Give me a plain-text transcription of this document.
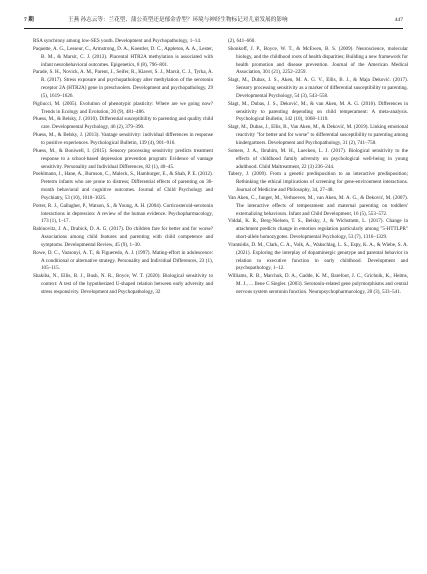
7 期	王燕 孙志云等：兰花型、蒲公英型还是郁金香型？环境与神经生物标记对儿童发展的影响	447

RSA synchrony among low-SES youth. Development and Psychopathology, 1–14.

Paquette, A. G., Lesseur, C., Armstrong, D. A., Koestler, D. C., Appleton, A. A., Lester, B. M., & Marsit, C. J. (2013). Placental HTR2A methylation is associated with infant neurobehavioral outcomes. Epigenetics, 8 (8), 796–801.

Parade, S. H., Novick, A. M., Parent, J., Seifer, R., Klaver, S. J., Marsit, C. J., Tyrka, A. R. (2017). Stress exposure and psychopathology alter methylation of the serotonin receptor 2A (HTR2A) gene in preschoolers. Development and psychopathology, 29 (5), 1619–1626.

Pigliucci, M. (2005). Evolution of phenotypic plasticity: Where are we going now? Trends in Ecology and Evolution, 20 (9), 481–486.

Pluess, M., & Belsky, J. (2010). Differential susceptibility to parenting and quality child care. Developmental Psychology, 46 (2), 379–390.

Pluess, M., & Belsky, J. (2013). Vantage sensitivity: individual differences in response to positive experiences. Psychological Bulletin, 139 (4), 901–916.

Pluess, M., & Boniwell, I. (2015). Sensory processing sensitivity predicts treatment response to a school-based depression prevention program: Evidence of vantage sensitivity. Personality and Individual Differences, 82 (1), 40–45.

Poehlmann, J., Hane, A., Burnson, C., Maleck, S., Hamburger, E., & Shah, P. E. (2012). Preterm infants who are prone to distress; Differential effects of parenting on 36-month behavioral and cognitive outcomes. Journal of Child Psychology and Psychiatry, 53 (10), 1018–1025.

Porter, R. J., Gallagher, P., Watson, S., & Young, A. H. (2004). Corticosteroid-serotonin interactions in depression: A review of the human evidence. Psychopharmacology, 173 (1), 1–17.

Rabinovitz, J. A., Drabick, D. A. G. (2017). Do children fare for better and for worse? Associations among child features and parenting with child competence and symptoms. Developmental Review, 45 (9), 1–30.

Rowe, D. C., Vazsonyi, A. T., & Figueredo, A. J. (1997). Mating-effort in adolescence: A conditional or alternative strategy. Personality and Individual Differences, 23 (1), 105–115.

Shakiba, N., Ellis, B. J., Bush, N. R., Boyce, W. T. (2020). Biological sensitivity to context: A test of the hypothesized U-shaped relation between early adversity and stress responsivity. Development and Psychopathology, 32

(2), 641–660.

Shonkoff, J. P., Boyce, W. T., & McEwen, B. S. (2009). Neuroscience, molecular biology, and the childhood roots of health disparities; Building a new framework for health promotion and disease prevention. Journal of the American Medical Association, 301 (21), 2252–2259.

Slagt, M., Dubas, J. S., Aken, M. A. G. V., Ellis, B. J., & Maja Deković. (2017). Sensory processing sensitivity as a marker of differential susceptibility to parenting. Developmental Psychology, 54 (3), 543–558.

Slagt, M., Dubas, J. S., Deković, M., & van Aken, M. A. G. (2016). Differences in sensitivity to parenting depending on child temperament: A meta-analysis. Psychological Bulletin, 142 (10), 1068–1110.

Slagt, M., Dubas, J., Ellis, B., Van Aken, M., & Deković, M. (2019). Linking emotional reactivity "for better and for worse" to differential susceptibility to parenting among kindergartners. Development and Psychopathology, 31 (2), 741–758.

Somers, J. A., Ibrahim, M. H., Luecken, L. J. (2017). Biological sensitivity to the effects of childhood family adversity on psychological well-being in young adulthood. Child Maltreatment, 22 (3) 236–244.

Tabery, J. (2009). From a genetic predisposition to an interactive predisposition; Rethinking the ethical implications of screening for gene-environment interactions. Journal of Medicine and Philosophy, 34, 27–48.

Van Aken, C., Junger, M., Verhoeven, M., van Aken, M. A. G., & Deković, M. (2007). The interactive effects of temperament and maternal parenting on toddlers' externalizing behaviours. Infant and Child Development, 16 (5), 553–572.

Viddal, K. R., Berg-Nielsen, T. S., Belsky, J., & Wichstrøm, L. (2017). Change in attachment predicts change in emotion regulation particularly among "5-HTTLPR" short-allele homozygotes. Developmental Psychology, 53 (7), 1316–1329.

Vrantsidis, D. M., Clark, C. A., Volk, A., Wakschlag, L. S., Espy, K. A., & Wiebe, S. A. (2021). Exploring the interplay of dopaminergic genotype and parental behavior in relation to executive function in early childhood. Development and psychopathology, 1–12.

Williams, R. B., Marchuk, D. A., Gadde, K. M., Barefoot, J. C., Grichnik, K., Helms, M. J., ... Ilene C Siegler. (2003). Serotonin-related gene polymorphisms and central nervous system serotonin function. Neuropsychopharmacology, 28 (3), 533–541.
